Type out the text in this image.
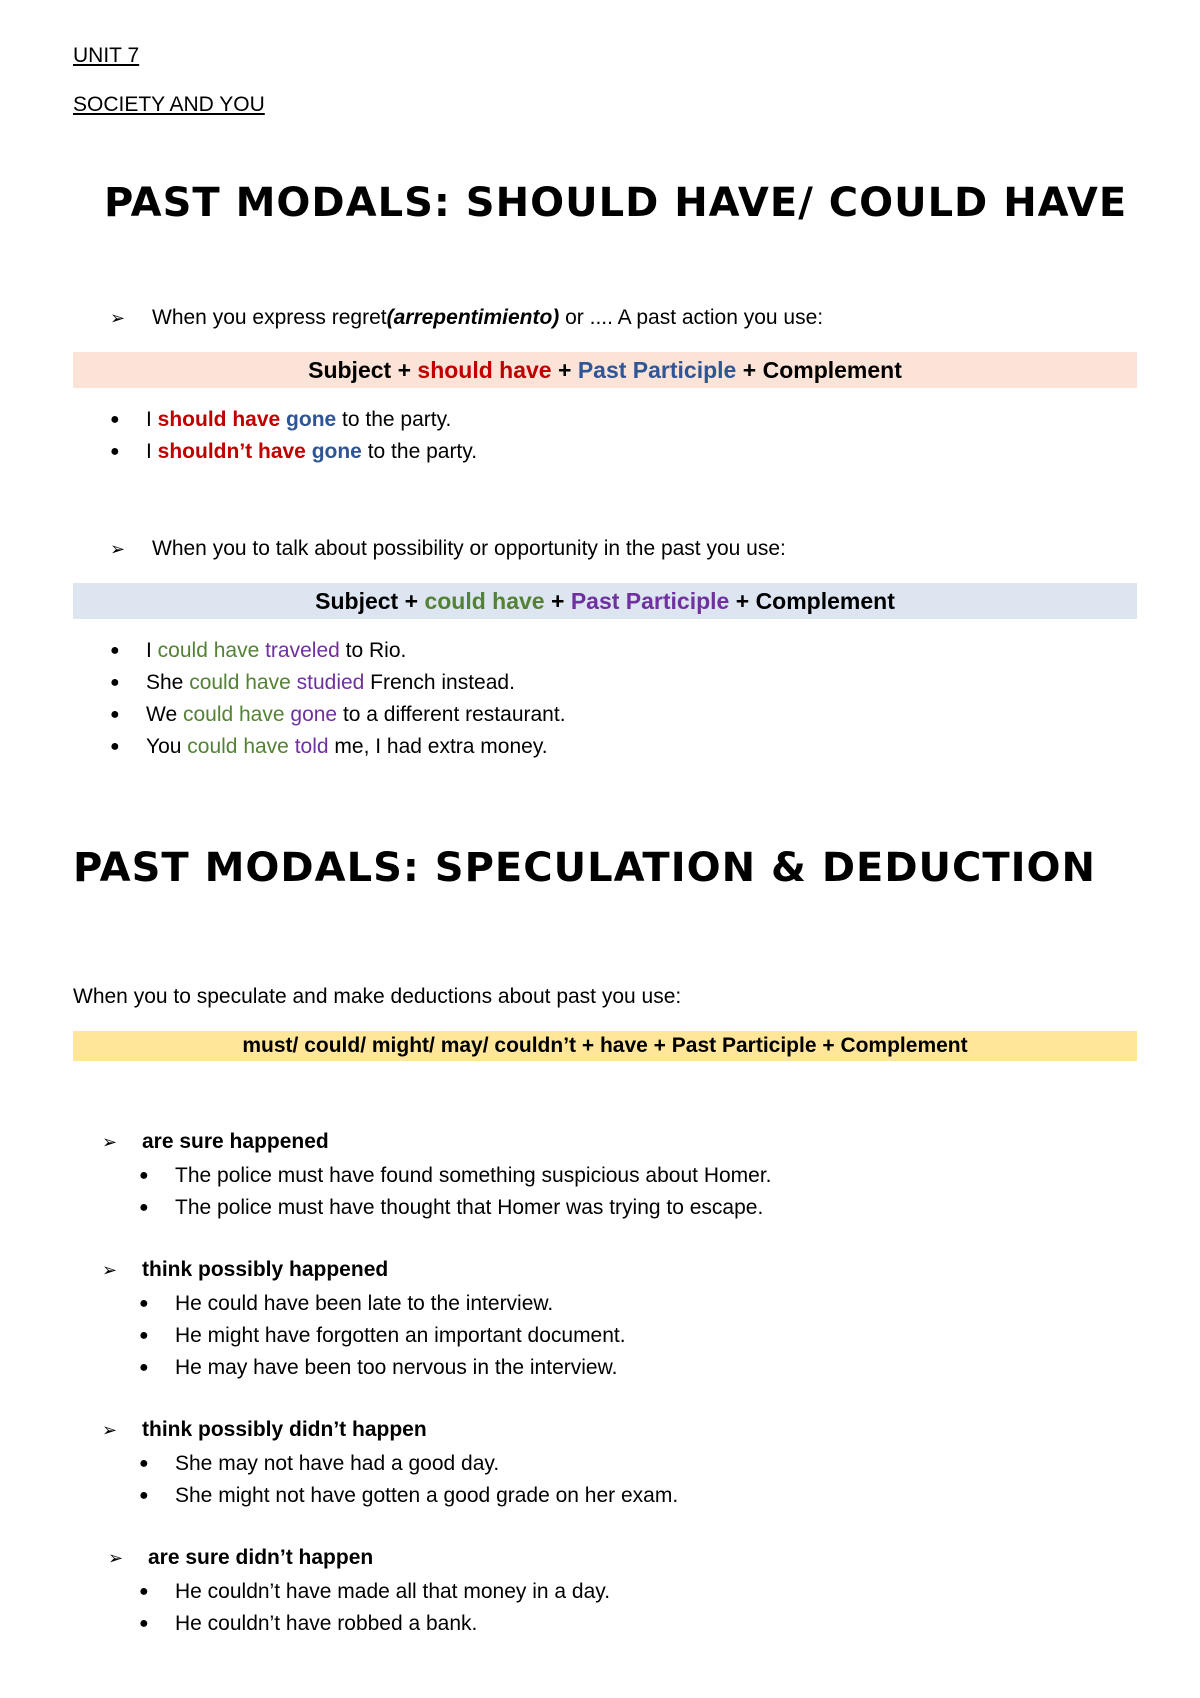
UNIT 7

SOCIETY AND YOU

PAST MODALS: SHOULD HAVE/ COULD HAVE
➢ When you express regret(arrepentimiento) or .... A past action you use:
Subject + should have + Past Participle + Complement
● I should have gone to the party.
● I shouldn’t have gone to the party.
➢ When you to talk about possibility or opportunity in the past you use:
Subject + could have + Past Participle + Complement
● I could have traveled to Rio.
● She could have studied French instead.
● We could have gone to a different restaurant.
● You could have told me, I had extra money.
PAST MODALS: SPECULATION & DEDUCTION

When you to speculate and make deductions about past you use:

must/ could/ might/ may/ couldn’t + have + Past Participle + Complement
➢ are sure happened
● The police must have found something suspicious about Homer.
● The police must have thought that Homer was trying to escape.
➢ think possibly happened
● He could have been late to the interview.
● He might have forgotten an important document.
● He may have been too nervous in the interview.
➢ think possibly didn’t happen
● She may not have had a good day.
● She might not have gotten a good grade on her exam.
➢ are sure didn’t happen
● He couldn’t have made all that money in a day.
● He couldn’t have robbed a bank.
